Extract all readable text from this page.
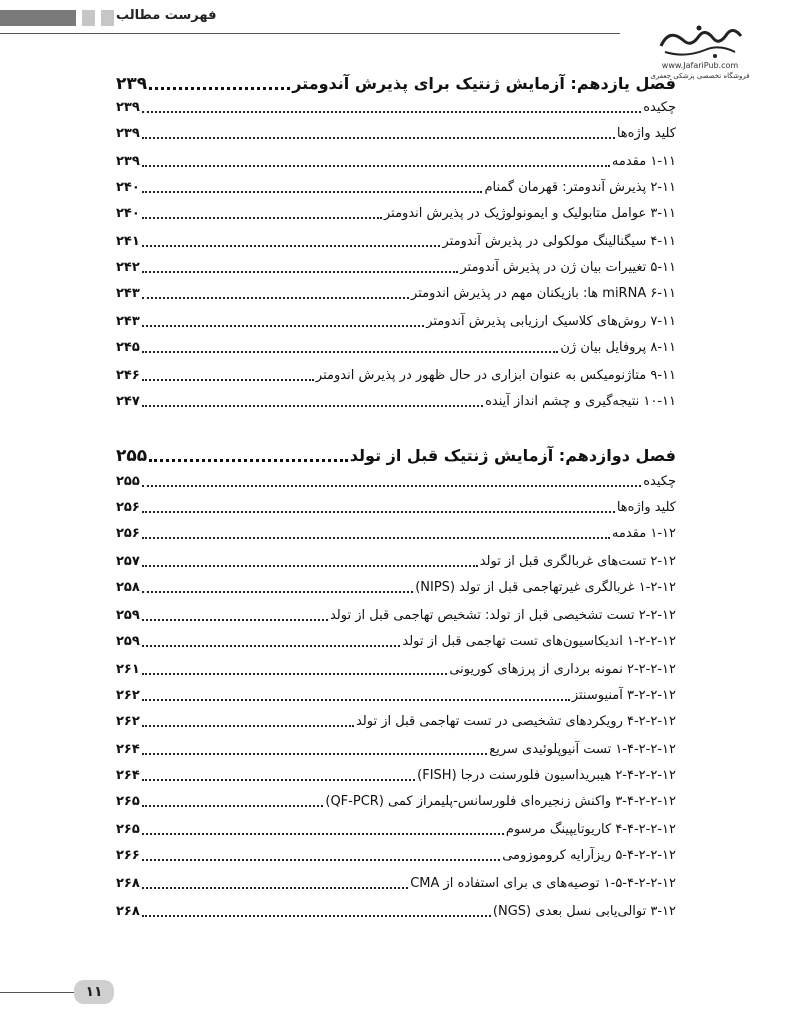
فهرست مطالب
www.JafariPub.com
فروشگاه تخصصی پزشکی جعفری
فصل یازدهم: آزمایش ژنتیک برای پذیرش آندومتر
۲۳۹
چکیده
۲۳۹
کلید واژه‌ها
۲۳۹
۱-۱۱ مقدمه
۲۳۹
۲-۱۱ پذیرش آندومتر: قهرمان گمنام
۲۴۰
۳-۱۱ عوامل متابولیک و ایمونولوژیک در پذیرش اندومتر
۲۴۰
۴-۱۱ سیگنالینگ مولکولی در پذیرش آندومتر
۲۴۱
۵-۱۱ تغییرات بیان ژن در پذیرش آندومتر
۲۴۲
۶-۱۱ miRNA ها: بازیکنان مهم در پذیرش اندومتر
۲۴۳
۷-۱۱ روش‌های کلاسیک ارزیابی پذیرش آندومتر
۲۴۳
۸-۱۱ پروفایل بیان ژن
۲۴۵
۹-۱۱ متاژنومیکس به عنوان ابزاری در حال ظهور در پذیرش اندومتر
۲۴۶
۱۰-۱۱ نتیجه‌گیری و چشم انداز آینده
۲۴۷
فصل دوازدهم: آزمایش ژنتیک قبل از تولد
۲۵۵
چکیده
۲۵۵
کلید واژه‌ها
۲۵۶
۱-۱۲ مقدمه
۲۵۶
۲-۱۲ تست‌های غربالگری قبل از تولد
۲۵۷
۱-۲-۱۲ غربالگری غیرتهاجمی قبل از تولد (NIPS)
۲۵۸
۲-۲-۱۲ تست تشخیصی قبل از تولد: تشخیص تهاجمی قبل از تولد
۲۵۹
۱-۲-۲-۱۲ اندیکاسیون‌های تست تهاجمی قبل از تولد
۲۵۹
۲-۲-۲-۱۲ نمونه برداری از پرزهای کوریونی
۲۶۱
۳-۲-۲-۱۲ آمنیوسنتز
۲۶۲
۴-۲-۲-۱۲ رویکردهای تشخیصی در تست تهاجمی قبل از تولد
۲۶۲
۱-۴-۲-۲-۱۲ تست آنیوپلوئیدی سریع
۲۶۴
۲-۴-۲-۲-۱۲ هیبریداسیون فلورسنت درجا (FISH)
۲۶۴
۳-۴-۲-۲-۱۲ واکنش زنجیره‌ای فلورسانس-پلیمراز کمی (QF-PCR)
۲۶۵
۴-۴-۲-۲-۱۲ کاریوتایپینگ مرسوم
۲۶۵
۵-۴-۲-۲-۱۲ ریزآرایه کروموزومی
۲۶۶
۱-۵-۴-۲-۲-۱۲ توصیه‌های ی برای استفاده از CMA
۲۶۸
۳-۱۲ توالی‌یابی نسل بعدی (NGS)
۲۶۸
۱۱
